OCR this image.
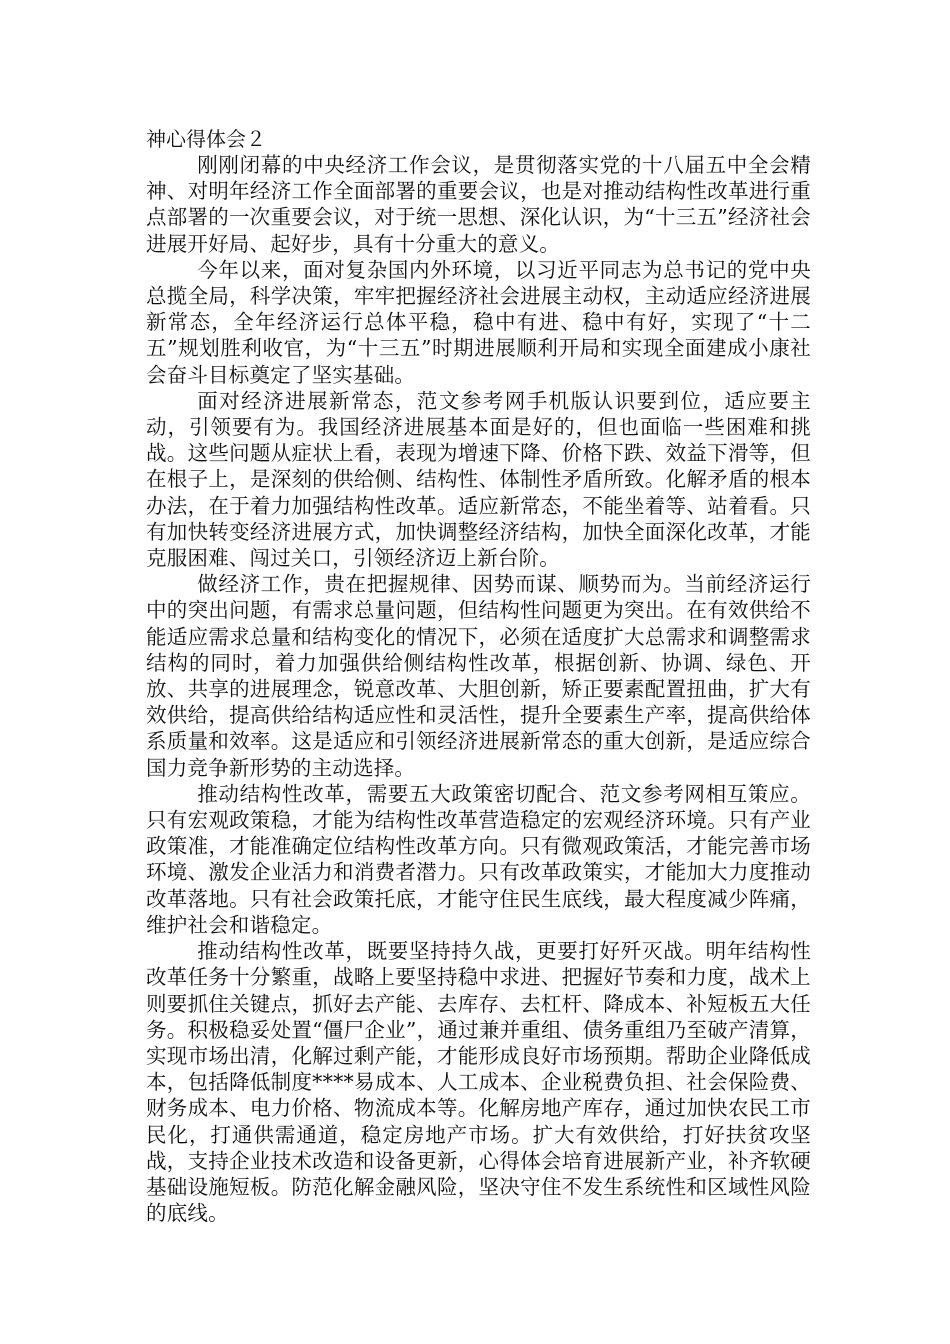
神心得体会２

刚刚闭幕的中央经济工作会议，是贯彻落实党的十八届五中全会精神、对明年经济工作全面部署的重要会议，也是对推动结构性改革进行重点部署的一次重要会议，对于统一思想、深化认识，为“十三五”经济社会进展开好局、起好步，具有十分重大的意义。

今年以来，面对复杂国内外环境，以习近平同志为总书记的党中央总揽全局，科学决策，牢牢把握经济社会进展主动权，主动适应经济进展新常态，全年经济运行总体平稳，稳中有进、稳中有好，实现了“十二五”规划胜利收官，为“十三五”时期进展顺利开局和实现全面建成小康社会奋斗目标奠定了坚实基础。

面对经济进展新常态，范文参考网手机版认识要到位，适应要主动，引领要有为。我国经济进展基本面是好的，但也面临一些困难和挑战。这些问题从症状上看，表现为增速下降、价格下跌、效益下滑等，但在根子上，是深刻的供给侧、结构性、体制性矛盾所致。化解矛盾的根本办法，在于着力加强结构性改革。适应新常态，不能坐着等、站着看。只有加快转变经济进展方式，加快调整经济结构，加快全面深化改革，才能克服困难、闯过关口，引领经济迈上新台阶。

做经济工作，贵在把握规律、因势而谋、顺势而为。当前经济运行中的突出问题，有需求总量问题，但结构性问题更为突出。在有效供给不能适应需求总量和结构变化的情况下，必须在适度扩大总需求和调整需求结构的同时，着力加强供给侧结构性改革，根据创新、协调、绿色、开放、共享的进展理念，锐意改革、大胆创新，矫正要素配置扭曲，扩大有效供给，提高供给结构适应性和灵活性，提升全要素生产率，提高供给体系质量和效率。这是适应和引领经济进展新常态的重大创新，是适应综合国力竞争新形势的主动选择。

推动结构性改革，需要五大政策密切配合、范文参考网相互策应。只有宏观政策稳，才能为结构性改革营造稳定的宏观经济环境。只有产业政策准，才能准确定位结构性改革方向。只有微观政策活，才能完善市场环境、激发企业活力和消费者潜力。只有改革政策实，才能加大力度推动改革落地。只有社会政策托底，才能守住民生底线，最大程度减少阵痛，维护社会和谐稳定。

推动结构性改革，既要坚持持久战，更要打好歼灭战。明年结构性改革任务十分繁重，战略上要坚持稳中求进、把握好节奏和力度，战术上则要抓住关键点，抓好去产能、去库存、去杠杆、降成本、补短板五大任务。积极稳妥处置“僵尸企业”，通过兼并重组、债务重组乃至破产清算，实现市场出清，化解过剩产能，才能形成良好市场预期。帮助企业降低成本，包括降低制度****易成本、人工成本、企业税费负担、社会保险费、财务成本、电力价格、物流成本等。化解房地产库存，通过加快农民工市民化，打通供需通道，稳定房地产市场。扩大有效供给，打好扶贫攻坚战，支持企业技术改造和设备更新，心得体会培育进展新产业，补齐软硬基础设施短板。防范化解金融风险，坚决守住不发生系统性和区域性风险的底线。
